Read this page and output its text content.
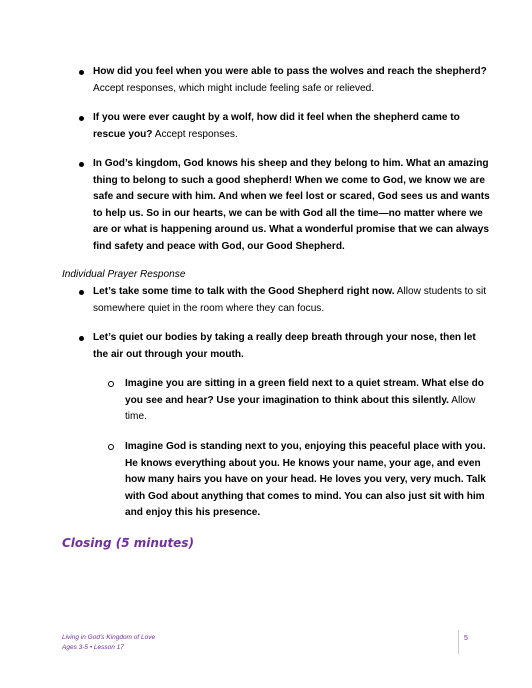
How did you feel when you were able to pass the wolves and reach the shepherd? Accept responses, which might include feeling safe or relieved.
If you were ever caught by a wolf, how did it feel when the shepherd came to rescue you? Accept responses.
In God’s kingdom, God knows his sheep and they belong to him. What an amazing thing to belong to such a good shepherd! When we come to God, we know we are safe and secure with him. And when we feel lost or scared, God sees us and wants to help us. So in our hearts, we can be with God all the time—no matter where we are or what is happening around us. What a wonderful promise that we can always find safety and peace with God, our Good Shepherd.
Individual Prayer Response
Let’s take some time to talk with the Good Shepherd right now. Allow students to sit somewhere quiet in the room where they can focus.
Let’s quiet our bodies by taking a really deep breath through your nose, then let the air out through your mouth.
Imagine you are sitting in a green field next to a quiet stream. What else do you see and hear? Use your imagination to think about this silently. Allow time.
Imagine God is standing next to you, enjoying this peaceful place with you. He knows everything about you. He knows your name, your age, and even how many hairs you have on your head. He loves you very, very much. Talk with God about anything that comes to mind. You can also just sit with him and enjoy this his presence.
Closing (5 minutes)
Living in God’s Kingdom of Love
Ages 3-5 • Lesson 17
5
